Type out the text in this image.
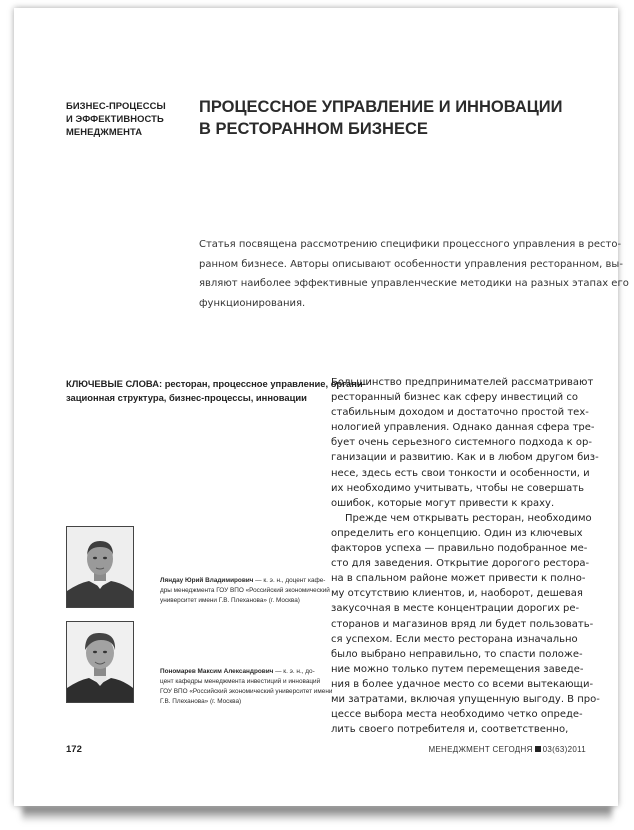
БИЗНЕС-ПРОЦЕССЫ
И ЭФФЕКТИВНОСТЬ
МЕНЕДЖМЕНТА
ПРОЦЕССНОЕ УПРАВЛЕНИЕ И ИННОВАЦИИ
В РЕСТОРАННОМ БИЗНЕСЕ
Статья посвящена рассмотрению специфики процессного управления в ресто-
ранном бизнесе. Авторы описывают особенности управления ресторанном, вы-
являют наиболее эффективные управленческие методики на разных этапах его
функционирования.
КЛЮЧЕВЫЕ СЛОВА: ресторан, процессное управление, органи-
зационная структура, бизнес-процессы, инновации
Большинство предпринимателей рассматривают
ресторанный бизнес как сферу инвестиций со
стабильным доходом и достаточно простой тех-
нологией управления. Однако данная сфера тре-
бует очень серьезного системного подхода к ор-
ганизации и развитию. Как и в любом другом биз-
несе, здесь есть свои тонкости и особенности, и
их необходимо учитывать, чтобы не совершать
ошибок, которые могут привести к краху.
Прежде чем открывать ресторан, необходимо
определить его концепцию. Один из ключевых
факторов успеха — правильно подобранное ме-
сто для заведения. Открытие дорогого рестора-
на в спальном районе может привести к полно-
му отсутствию клиентов, и, наоборот, дешевая
закусочная в месте концентрации дорогих ре-
сторанов и магазинов вряд ли будет пользовать-
ся успехом. Если место ресторана изначально
было выбрано неправильно, то спасти положе-
ние можно только путем перемещения заведе-
ния в более удачное место со всеми вытекающи-
ми затратами, включая упущенную выгоду. В про-
цессе выбора места необходимо четко опреде-
лить своего потребителя и, соответственно,
Ляндау Юрий Владимирович — к. э. н., доцент кафе-
дры менеджмента ГОУ ВПО «Российский экономический
университет имени Г.В. Плеханова» (г. Москва)
Пономарев Максим Александрович — к. э. н., до-
цент кафедры менеджмента инвестиций и инноваций
ГОУ ВПО «Российский экономический университет имени
Г.В. Плеханова» (г. Москва)
172	МЕНЕДЖМЕНТ СЕГОДНЯ 03(63)2011
